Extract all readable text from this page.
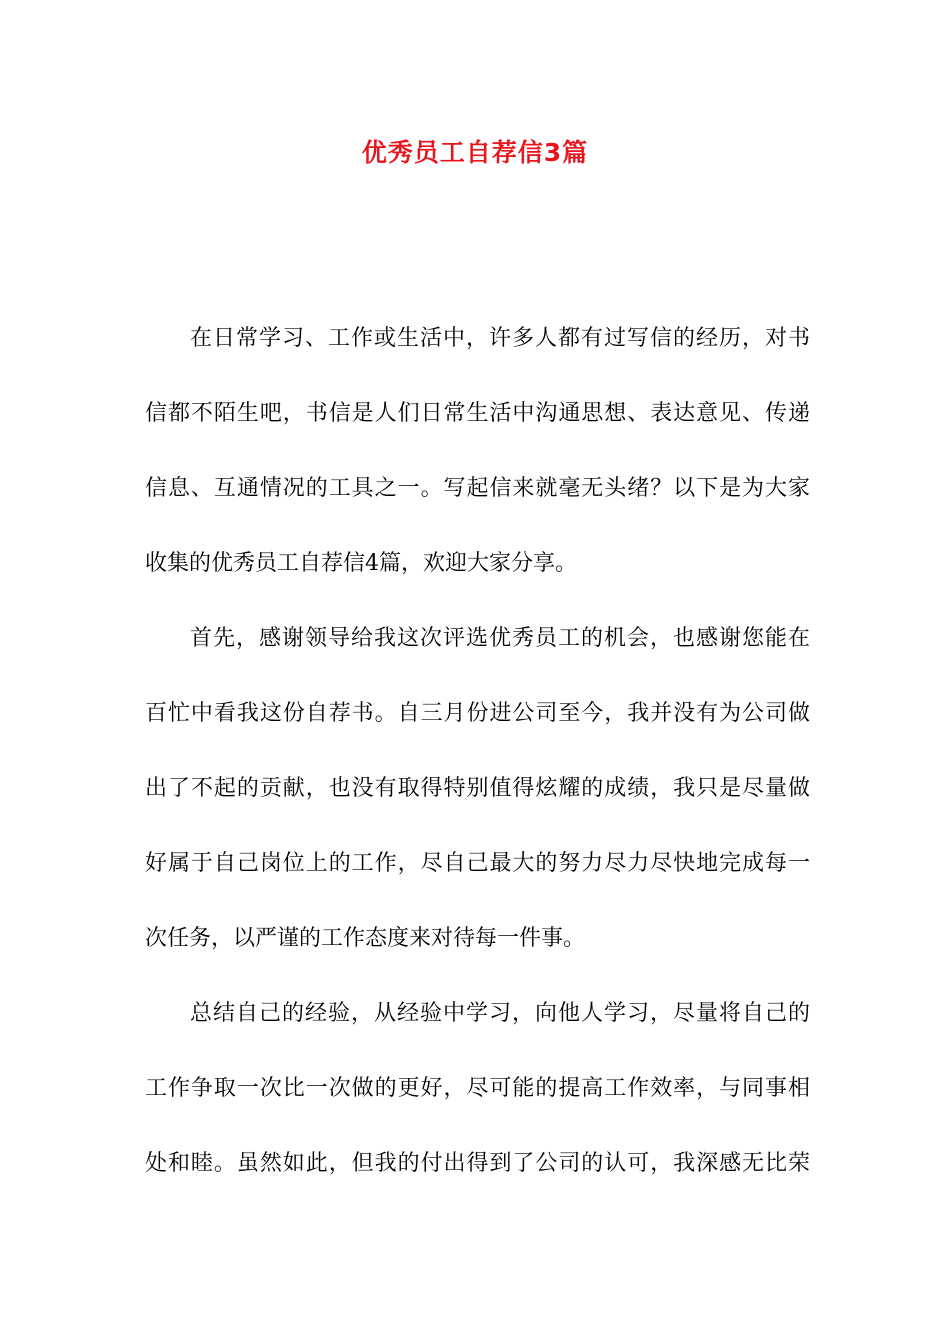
优秀员工自荐信3篇
在日常学习、工作或生活中，许多人都有过写信的经历，对书
信都不陌生吧，书信是人们日常生活中沟通思想、表达意见、传递
信息、互通情况的工具之一。写起信来就毫无头绪？以下是为大家
收集的优秀员工自荐信4篇，欢迎大家分享。
首先，感谢领导给我这次评选优秀员工的机会，也感谢您能在
百忙中看我这份自荐书。自三月份进公司至今，我并没有为公司做
出了不起的贡献，也没有取得特别值得炫耀的成绩，我只是尽量做
好属于自己岗位上的工作，尽自己最大的努力尽力尽快地完成每一
次任务，以严谨的工作态度来对待每一件事。
总结自己的经验，从经验中学习，向他人学习，尽量将自己的
工作争取一次比一次做的更好，尽可能的提高工作效率，与同事相
处和睦。虽然如此，但我的付出得到了公司的认可，我深感无比荣
